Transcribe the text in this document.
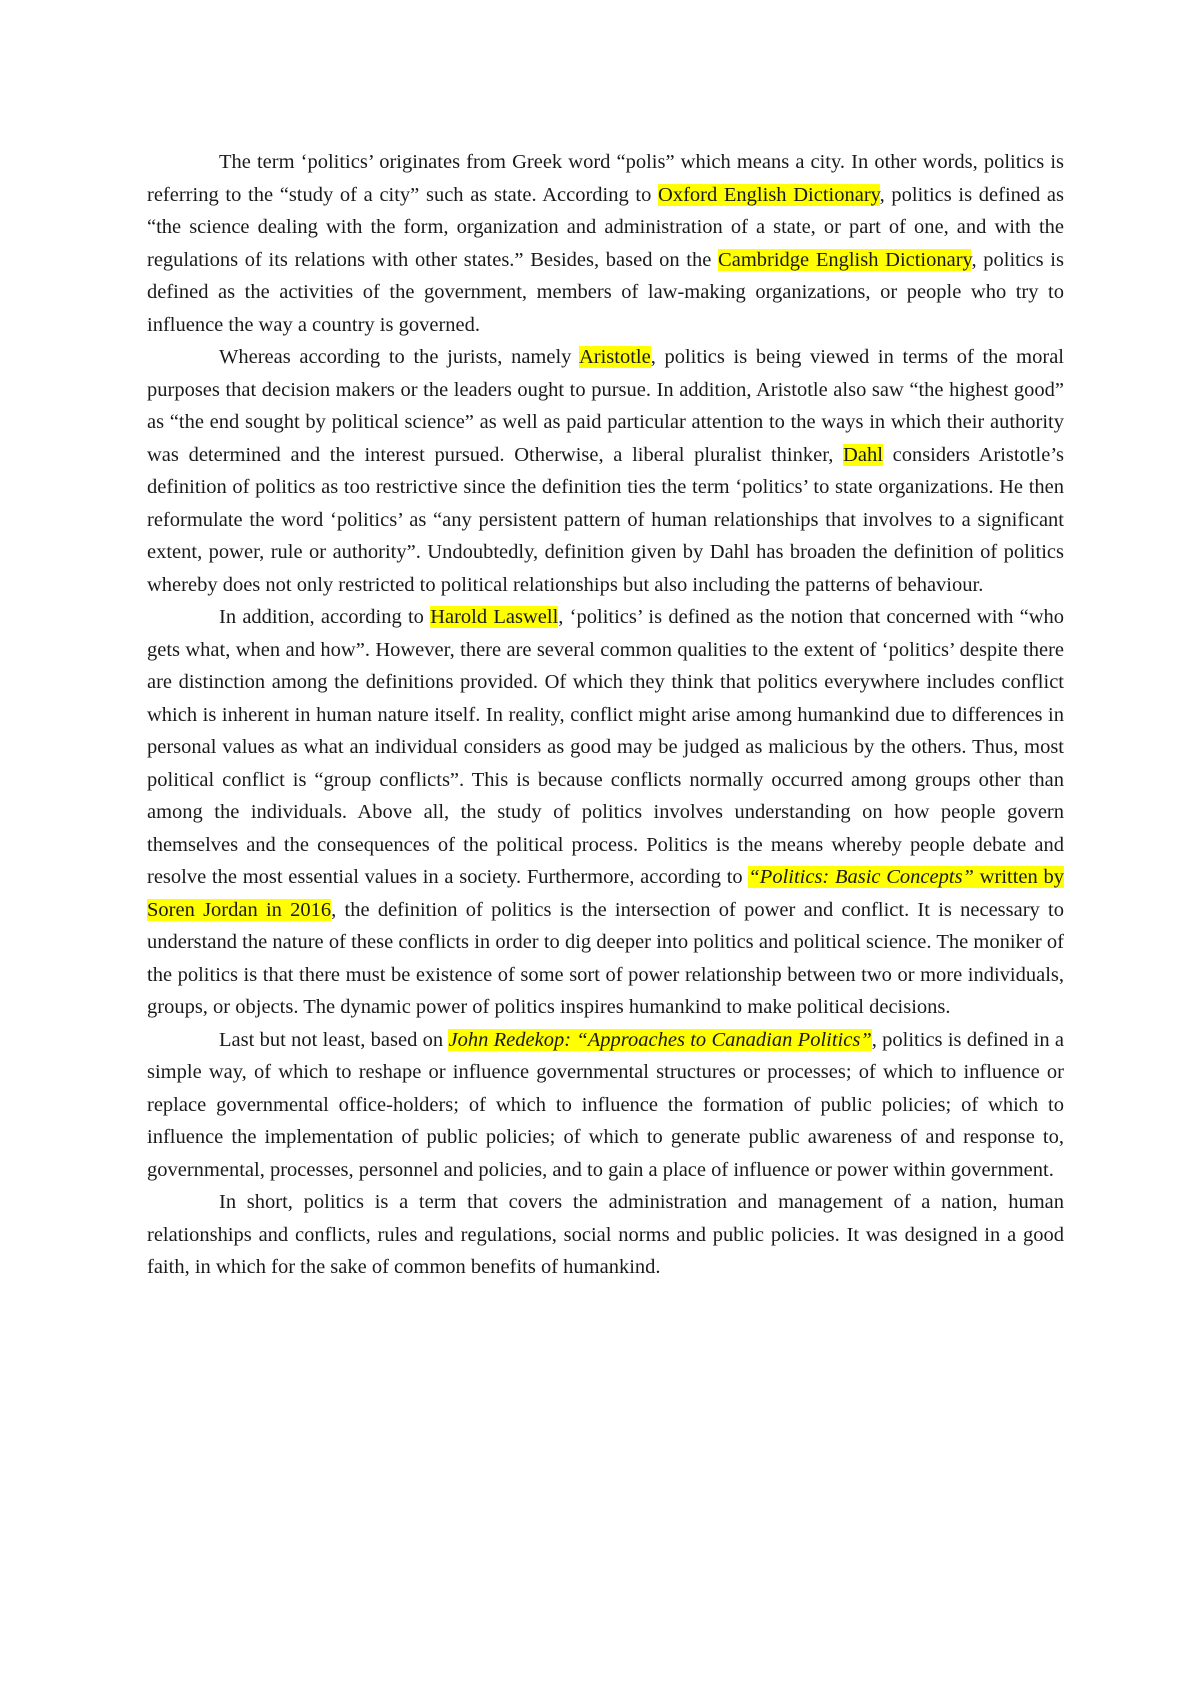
The term ‘politics’ originates from Greek word “polis” which means a city. In other words, politics is referring to the “study of a city” such as state. According to Oxford English Dictionary, politics is defined as “the science dealing with the form, organization and administration of a state, or part of one, and with the regulations of its relations with other states.” Besides, based on the Cambridge English Dictionary, politics is defined as the activities of the government, members of law-making organizations, or people who try to influence the way a country is governed.

Whereas according to the jurists, namely Aristotle, politics is being viewed in terms of the moral purposes that decision makers or the leaders ought to pursue. In addition, Aristotle also saw “the highest good” as “the end sought by political science” as well as paid particular attention to the ways in which their authority was determined and the interest pursued. Otherwise, a liberal pluralist thinker, Dahl considers Aristotle’s definition of politics as too restrictive since the definition ties the term ‘politics’ to state organizations. He then reformulate the word ‘politics’ as “any persistent pattern of human relationships that involves to a significant extent, power, rule or authority”. Undoubtedly, definition given by Dahl has broaden the definition of politics whereby does not only restricted to political relationships but also including the patterns of behaviour.

In addition, according to Harold Laswell, ‘politics’ is defined as the notion that concerned with “who gets what, when and how”. However, there are several common qualities to the extent of ‘politics’ despite there are distinction among the definitions provided. Of which they think that politics everywhere includes conflict which is inherent in human nature itself. In reality, conflict might arise among humankind due to differences in personal values as what an individual considers as good may be judged as malicious by the others. Thus, most political conflict is “group conflicts”. This is because conflicts normally occurred among groups other than among the individuals. Above all, the study of politics involves understanding on how people govern themselves and the consequences of the political process. Politics is the means whereby people debate and resolve the most essential values in a society. Furthermore, according to “Politics: Basic Concepts” written by Soren Jordan in 2016, the definition of politics is the intersection of power and conflict. It is necessary to understand the nature of these conflicts in order to dig deeper into politics and political science. The moniker of the politics is that there must be existence of some sort of power relationship between two or more individuals, groups, or objects. The dynamic power of politics inspires humankind to make political decisions.

Last but not least, based on John Redekop: “Approaches to Canadian Politics”, politics is defined in a simple way, of which to reshape or influence governmental structures or processes; of which to influence or replace governmental office-holders; of which to influence the formation of public policies; of which to influence the implementation of public policies; of which to generate public awareness of and response to, governmental, processes, personnel and policies, and to gain a place of influence or power within government.

In short, politics is a term that covers the administration and management of a nation, human relationships and conflicts, rules and regulations, social norms and public policies. It was designed in a good faith, in which for the sake of common benefits of humankind.
